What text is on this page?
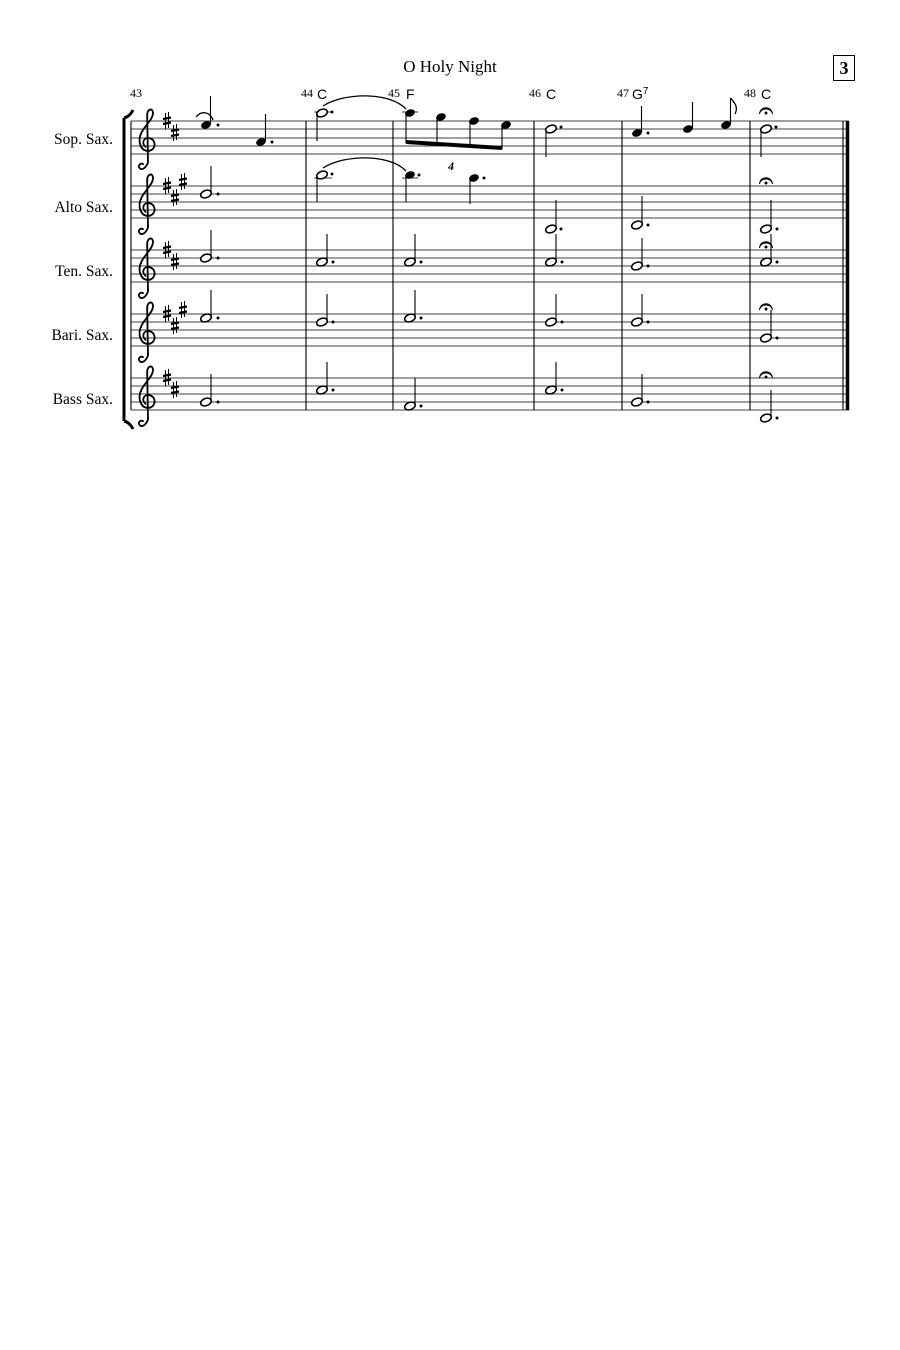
O Holy Night	3
43	44	45	46	47	48
C	F	C	$G^7$	C
Sop. Sax.
Alto Sax.
Ten. Sax.
Bari. Sax.
Bass Sax.
4
